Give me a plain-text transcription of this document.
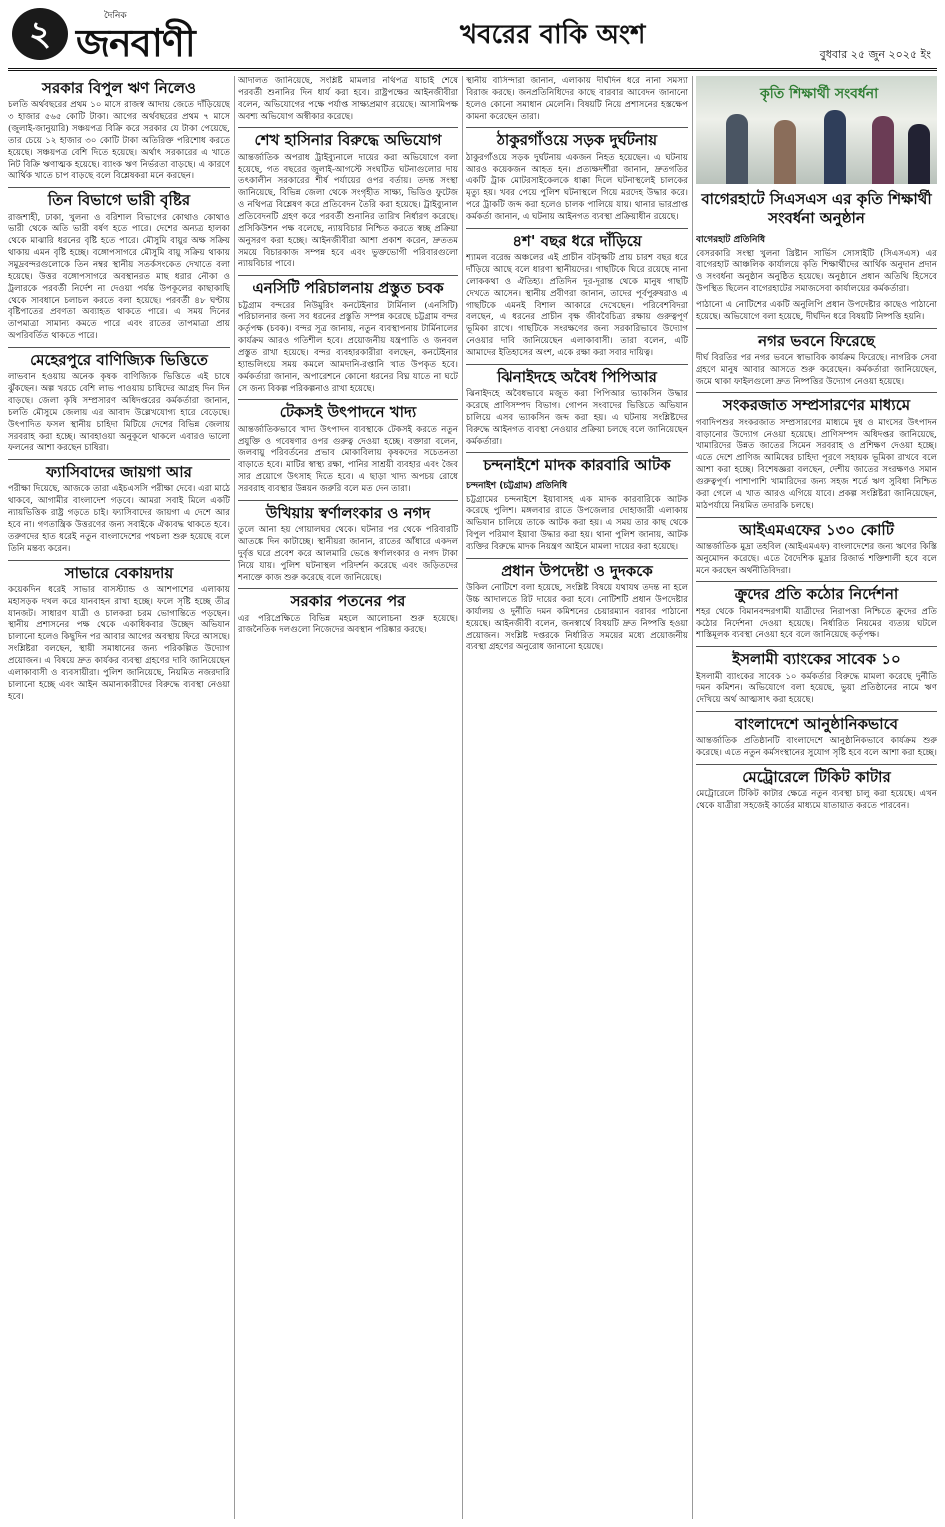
২	দৈনিক
জনবাণী	খবরের বাকি অংশ
বুধবার ২৫ জুন ২০২৫ ইং
সরকার বিপুল ঋণ নিলেও

চলতি অর্থবছরের প্রথম ১০ মাসে রাজস্ব আদায় জেতে দাঁড়িয়েছে ৩ হাজার ৫৬৫ কোটি টাকা। আগের অর্থবছরের প্রথম ৭ মাসে (জুলাই-জানুয়ারি) সঞ্চয়পত্র বিক্রি করে সরকার যে টাকা পেয়েছে, তার চেয়ে ১২ হাজার ৩০ কোটি টাকা অতিরিক্ত পরিশোধ করতে হয়েছে। সঞ্চয়পত্র বেশি দিতে হয়েছে। অর্থাৎ সরকারের এ খাতে নিট বিক্রি ঋণাত্মক হয়েছে। ব্যাংক ঋণ নির্ভরতা বাড়ছে। এ কারণে আর্থিক খাতে চাপ বাড়ছে বলে বিশ্লেষকরা মনে করছেন।

তিন বিভাগে ভারী বৃষ্টির

রাজশাহী, ঢাকা, খুলনা ও বরিশাল বিভাগের কোথাও কোথাও ভারী থেকে অতি ভারী বর্ষণ হতে পারে। দেশের অন্যত্র হালকা থেকে মাঝারি ধরনের বৃষ্টি হতে পারে। মৌসুমি বায়ুর অক্ষ সক্রিয় থাকায় এমন বৃষ্টি হচ্ছে। বঙ্গোপসাগরে মৌসুমি বায়ু সক্রিয় থাকায় সমুদ্রবন্দরগুলোকে তিন নম্বর স্থানীয় সতর্কসংকেত দেখাতে বলা হয়েছে। উত্তর বঙ্গোপসাগরে অবস্থানরত মাছ ধরার নৌকা ও ট্রলারকে পরবর্তী নির্দেশ না দেওয়া পর্যন্ত উপকূলের কাছাকাছি থেকে সাবধানে চলাচল করতে বলা হয়েছে। পরবর্তী ৪৮ ঘণ্টায় বৃষ্টিপাতের প্রবণতা অব্যাহত থাকতে পারে। এ সময় দিনের তাপমাত্রা সামান্য কমতে পারে এবং রাতের তাপমাত্রা প্রায় অপরিবর্তিত থাকতে পারে।

মেহেরপুরে বাণিজ্যিক ভিত্তিতে

লাভবান হওয়ায় অনেক কৃষক বাণিজ্যিক ভিত্তিতে এই চাষে ঝুঁকছেন। অল্প খরচে বেশি লাভ পাওয়ায় চাষিদের আগ্রহ দিন দিন বাড়ছে। জেলা কৃষি সম্প্রসারণ অধিদপ্তরের কর্মকর্তারা জানান, চলতি মৌসুমে জেলায় এর আবাদ উল্লেখযোগ্য হারে বেড়েছে। উৎপাদিত ফসল স্থানীয় চাহিদা মিটিয়ে দেশের বিভিন্ন জেলায় সরবরাহ করা হচ্ছে। আবহাওয়া অনুকূলে থাকলে এবারও ভালো ফলনের আশা করছেন চাষিরা।

ফ্যাসিবাদের জায়গা আর

পরীক্ষা দিয়েছে, আজকে তারা এইচএসসি পরীক্ষা দেবে। এরা মাঠে থাকবে, আগামীর বাংলাদেশ গড়বে। আমরা সবাই মিলে একটি ন্যায়ভিত্তিক রাষ্ট্র গড়তে চাই। ফ্যাসিবাদের জায়গা এ দেশে আর হবে না। গণতান্ত্রিক উত্তরণের জন্য সবাইকে ঐক্যবদ্ধ থাকতে হবে। তরুণদের হাত ধরেই নতুন বাংলাদেশের পথচলা শুরু হয়েছে বলে তিনি মন্তব্য করেন।

সাভারে বেকায়দায়

কয়েকদিন ধরেই সাভার বাসস্ট্যান্ড ও আশপাশের এলাকায় মহাসড়ক দখল করে যানবাহন রাখা হচ্ছে। ফলে সৃষ্টি হচ্ছে তীব্র যানজট। সাধারণ যাত্রী ও চালকরা চরম ভোগান্তিতে পড়ছেন। স্থানীয় প্রশাসনের পক্ষ থেকে একাধিকবার উচ্ছেদ অভিযান চালানো হলেও কিছুদিন পর আবার আগের অবস্থায় ফিরে আসছে। সংশ্লিষ্টরা বলছেন, স্থায়ী সমাধানের জন্য পরিকল্পিত উদ্যোগ প্রয়োজন। এ বিষয়ে দ্রুত কার্যকর ব্যবস্থা গ্রহণের দাবি জানিয়েছেন এলাকাবাসী ও ব্যবসায়ীরা। পুলিশ জানিয়েছে, নিয়মিত নজরদারি চালানো হচ্ছে এবং আইন অমান্যকারীদের বিরুদ্ধে ব্যবস্থা নেওয়া হবে।

আদালত জানিয়েছে, সংশ্লিষ্ট মামলার নথিপত্র যাচাই শেষে পরবর্তী শুনানির দিন ধার্য করা হবে। রাষ্ট্রপক্ষের আইনজীবীরা বলেন, অভিযোগের পক্ষে পর্যাপ্ত সাক্ষ্যপ্রমাণ রয়েছে। আসামিপক্ষ অবশ্য অভিযোগ অস্বীকার করেছে।

শেখ হাসিনার বিরুদ্ধে অভিযোগ

আন্তর্জাতিক অপরাধ ট্রাইব্যুনালে দায়ের করা অভিযোগে বলা হয়েছে, গত বছরের জুলাই-আগস্টে সংঘটিত ঘটনাগুলোর দায় তৎকালীন সরকারের শীর্ষ পর্যায়ের ওপর বর্তায়। তদন্ত সংস্থা জানিয়েছে, বিভিন্ন জেলা থেকে সংগৃহীত সাক্ষ্য, ভিডিও ফুটেজ ও নথিপত্র বিশ্লেষণ করে প্রতিবেদন তৈরি করা হয়েছে। ট্রাইব্যুনাল প্রতিবেদনটি গ্রহণ করে পরবর্তী শুনানির তারিখ নির্ধারণ করেছে। প্রসিকিউশন পক্ষ বলেছে, ন্যায়বিচার নিশ্চিত করতে স্বচ্ছ প্রক্রিয়া অনুসরণ করা হচ্ছে। আইনজীবীরা আশা প্রকাশ করেন, দ্রুততম সময়ে বিচারকাজ সম্পন্ন হবে এবং ভুক্তভোগী পরিবারগুলো ন্যায়বিচার পাবে।

এনসিটি পরিচালনায় প্রস্তুত চবক

চট্টগ্রাম বন্দরের নিউমুরিং কনটেইনার টার্মিনাল (এনসিটি) পরিচালনার জন্য সব ধরনের প্রস্তুতি সম্পন্ন করেছে চট্টগ্রাম বন্দর কর্তৃপক্ষ (চবক)। বন্দর সূত্র জানায়, নতুন ব্যবস্থাপনায় টার্মিনালের কার্যক্রম আরও গতিশীল হবে। প্রয়োজনীয় যন্ত্রপাতি ও জনবল প্রস্তুত রাখা হয়েছে। বন্দর ব্যবহারকারীরা বলছেন, কনটেইনার হ্যান্ডলিংয়ে সময় কমলে আমদানি-রপ্তানি খাত উপকৃত হবে। কর্মকর্তারা জানান, অপারেশনে কোনো ধরনের বিঘ্ন যাতে না ঘটে সে জন্য বিকল্প পরিকল্পনাও রাখা হয়েছে।

টেকসই উৎপাদনে খাদ্য

আন্তর্জাতিকভাবে খাদ্য উৎপাদন ব্যবস্থাকে টেকসই করতে নতুন প্রযুক্তি ও গবেষণার ওপর গুরুত্ব দেওয়া হচ্ছে। বক্তারা বলেন, জলবায়ু পরিবর্তনের প্রভাব মোকাবিলায় কৃষকদের সচেতনতা বাড়াতে হবে। মাটির স্বাস্থ্য রক্ষা, পানির সাশ্রয়ী ব্যবহার এবং জৈব সার প্রয়োগে উৎসাহ দিতে হবে। এ ছাড়া খাদ্য অপচয় রোধে সরবরাহ ব্যবস্থার উন্নয়ন জরুরি বলে মত দেন তারা।

উখিয়ায় স্বর্ণালংকার ও নগদ

তুলে আনা হয় গোয়ালঘর থেকে। ঘটনার পর থেকে পরিবারটি আতঙ্কে দিন কাটাচ্ছে। স্থানীয়রা জানান, রাতের আঁধারে একদল দুর্বৃত্ত ঘরে প্রবেশ করে আলমারি ভেঙে স্বর্ণালংকার ও নগদ টাকা নিয়ে যায়। পুলিশ ঘটনাস্থল পরিদর্শন করেছে এবং জড়িতদের শনাক্তে কাজ শুরু করেছে বলে জানিয়েছে।

সরকার পতনের পর

এর পরিপ্রেক্ষিতে বিভিন্ন মহলে আলোচনা শুরু হয়েছে। রাজনৈতিক দলগুলো নিজেদের অবস্থান পরিষ্কার করছে।

স্থানীয় বাসিন্দারা জানান, এলাকায় দীর্ঘদিন ধরে নানা সমস্যা বিরাজ করছে। জনপ্রতিনিধিদের কাছে বারবার আবেদন জানানো হলেও কোনো সমাধান মেলেনি। বিষয়টি নিয়ে প্রশাসনের হস্তক্ষেপ কামনা করেছেন তারা।

ঠাকুরগাঁওয়ে সড়ক দুর্ঘটনায়

ঠাকুরগাঁওয়ে সড়ক দুর্ঘটনায় একজন নিহত হয়েছেন। এ ঘটনায় আরও কয়েকজন আহত হন। প্রত্যক্ষদর্শীরা জানান, দ্রুতগতির একটি ট্রাক মোটরসাইকেলকে ধাক্কা দিলে ঘটনাস্থলেই চালকের মৃত্যু হয়। খবর পেয়ে পুলিশ ঘটনাস্থলে গিয়ে মরদেহ উদ্ধার করে। পরে ট্রাকটি জব্দ করা হলেও চালক পালিয়ে যায়। থানার ভারপ্রাপ্ত কর্মকর্তা জানান, এ ঘটনায় আইনগত ব্যবস্থা প্রক্রিয়াধীন রয়েছে।

৪শ' বছর ধরে দাঁড়িয়ে

শ্যামল বরেন্দ্র অঞ্চলের এই প্রাচীন বটবৃক্ষটি প্রায় চারশ বছর ধরে দাঁড়িয়ে আছে বলে ধারণা স্থানীয়দের। গাছটিকে ঘিরে রয়েছে নানা লোককথা ও ঐতিহ্য। প্রতিদিন দূর-দূরান্ত থেকে মানুষ গাছটি দেখতে আসেন। স্থানীয় প্রবীণরা জানান, তাদের পূর্বপুরুষরাও এ গাছটিকে এমনই বিশাল আকারে দেখেছেন। পরিবেশবিদরা বলছেন, এ ধরনের প্রাচীন বৃক্ষ জীববৈচিত্র্য রক্ষায় গুরুত্বপূর্ণ ভূমিকা রাখে। গাছটিকে সংরক্ষণের জন্য সরকারিভাবে উদ্যোগ নেওয়ার দাবি জানিয়েছেন এলাকাবাসী। তারা বলেন, এটি আমাদের ইতিহাসের অংশ, একে রক্ষা করা সবার দায়িত্ব।

ঝিনাইদহে অবৈধ পিপিআর

ঝিনাইদহে অবৈধভাবে মজুত করা পিপিআর ভ্যাকসিন উদ্ধার করেছে প্রাণিসম্পদ বিভাগ। গোপন সংবাদের ভিত্তিতে অভিযান চালিয়ে এসব ভ্যাকসিন জব্দ করা হয়। এ ঘটনায় সংশ্লিষ্টদের বিরুদ্ধে আইনগত ব্যবস্থা নেওয়ার প্রক্রিয়া চলছে বলে জানিয়েছেন কর্মকর্তারা।

চন্দনাইশে মাদক কারবারি আটক
চন্দনাইশ (চট্টগ্রাম) প্রতিনিধি

চট্টগ্রামের চন্দনাইশে ইয়াবাসহ এক মাদক কারবারিকে আটক করেছে পুলিশ। মঙ্গলবার রাতে উপজেলার দোহাজারী এলাকায় অভিযান চালিয়ে তাকে আটক করা হয়। এ সময় তার কাছ থেকে বিপুল পরিমাণ ইয়াবা উদ্ধার করা হয়। থানা পুলিশ জানায়, আটক ব্যক্তির বিরুদ্ধে মাদক নিয়ন্ত্রণ আইনে মামলা দায়ের করা হয়েছে।

প্রধান উপদেষ্টা ও দুদককে

উকিল নোটিশে বলা হয়েছে, সংশ্লিষ্ট বিষয়ে যথাযথ তদন্ত না হলে উচ্চ আদালতে রিট দায়ের করা হবে। নোটিশটি প্রধান উপদেষ্টার কার্যালয় ও দুর্নীতি দমন কমিশনের চেয়ারম্যান বরাবর পাঠানো হয়েছে। আইনজীবী বলেন, জনস্বার্থে বিষয়টি দ্রুত নিষ্পত্তি হওয়া প্রয়োজন। সংশ্লিষ্ট দপ্তরকে নির্ধারিত সময়ের মধ্যে প্রয়োজনীয় ব্যবস্থা গ্রহণের অনুরোধ জানানো হয়েছে।

কৃতি শিক্ষার্থী সংবর্ধনা
বাগেরহাটে সিএসএস এর কৃতি শিক্ষার্থী সংবর্ধনা অনুষ্ঠান
বাগেরহাট প্রতিনিধি

বেসরকারি সংস্থা খুলনা খ্রিষ্টান সার্ভিস সোসাইটি (সিএসএস) এর বাগেরহাট আঞ্চলিক কার্যালয়ে কৃতি শিক্ষার্থীদের আর্থিক অনুদান প্রদান ও সংবর্ধনা অনুষ্ঠান অনুষ্ঠিত হয়েছে। অনুষ্ঠানে প্রধান অতিথি হিসেবে উপস্থিত ছিলেন বাগেরহাটের সমাজসেবা কার্যালয়ের কর্মকর্তারা।

পাঠানো এ নোটিশের একটি অনুলিপি প্রধান উপদেষ্টার কাছেও পাঠানো হয়েছে। অভিযোগে বলা হয়েছে, দীর্ঘদিন ধরে বিষয়টি নিষ্পত্তি হয়নি।

নগর ভবনে ফিরেছে

দীর্ঘ বিরতির পর নগর ভবনে স্বাভাবিক কার্যক্রম ফিরেছে। নাগরিক সেবা গ্রহণে মানুষ আবার আসতে শুরু করেছেন। কর্মকর্তারা জানিয়েছেন, জমে থাকা ফাইলগুলো দ্রুত নিষ্পত্তির উদ্যোগ নেওয়া হয়েছে।

সংকরজাত সম্প্রসারণের মাধ্যমে

গবাদিপশুর সংকরজাত সম্প্রসারণের মাধ্যমে দুধ ও মাংসের উৎপাদন বাড়ানোর উদ্যোগ নেওয়া হয়েছে। প্রাণিসম্পদ অধিদপ্তর জানিয়েছে, খামারিদের উন্নত জাতের সিমেন সরবরাহ ও প্রশিক্ষণ দেওয়া হচ্ছে। এতে দেশে প্রাণিজ আমিষের চাহিদা পূরণে সহায়ক ভূমিকা রাখবে বলে আশা করা হচ্ছে। বিশেষজ্ঞরা বলছেন, দেশীয় জাতের সংরক্ষণও সমান গুরুত্বপূর্ণ। পাশাপাশি খামারিদের জন্য সহজ শর্তে ঋণ সুবিধা নিশ্চিত করা গেলে এ খাত আরও এগিয়ে যাবে। প্রকল্প সংশ্লিষ্টরা জানিয়েছেন, মাঠপর্যায়ে নিয়মিত তদারকি চলছে।

আইএমএফের ১৩০ কোটি

আন্তর্জাতিক মুদ্রা তহবিল (আইএমএফ) বাংলাদেশের জন্য ঋণের কিস্তি অনুমোদন করেছে। এতে বৈদেশিক মুদ্রার রিজার্ভ শক্তিশালী হবে বলে মনে করছেন অর্থনীতিবিদরা।

ক্রুদের প্রতি কঠোর নির্দেশনা

শহর থেকে বিমানবন্দরগামী যাত্রীদের নিরাপত্তা নিশ্চিতে ক্রুদের প্রতি কঠোর নির্দেশনা দেওয়া হয়েছে। নির্ধারিত নিয়মের ব্যত্যয় ঘটলে শাস্তিমূলক ব্যবস্থা নেওয়া হবে বলে জানিয়েছে কর্তৃপক্ষ।

ইসলামী ব্যাংকের সাবেক ১০

ইসলামী ব্যাংকের সাবেক ১০ কর্মকর্তার বিরুদ্ধে মামলা করেছে দুর্নীতি দমন কমিশন। অভিযোগে বলা হয়েছে, ভুয়া প্রতিষ্ঠানের নামে ঋণ দেখিয়ে অর্থ আত্মসাৎ করা হয়েছে।

বাংলাদেশে আনুষ্ঠানিকভাবে

আন্তর্জাতিক প্রতিষ্ঠানটি বাংলাদেশে আনুষ্ঠানিকভাবে কার্যক্রম শুরু করেছে। এতে নতুন কর্মসংস্থানের সুযোগ সৃষ্টি হবে বলে আশা করা হচ্ছে।

মেট্রোরেলে টিকিট কাটার

মেট্রোরেলে টিকিট কাটার ক্ষেত্রে নতুন ব্যবস্থা চালু করা হয়েছে। এখন থেকে যাত্রীরা সহজেই কার্ডের মাধ্যমে যাতায়াত করতে পারবেন।
